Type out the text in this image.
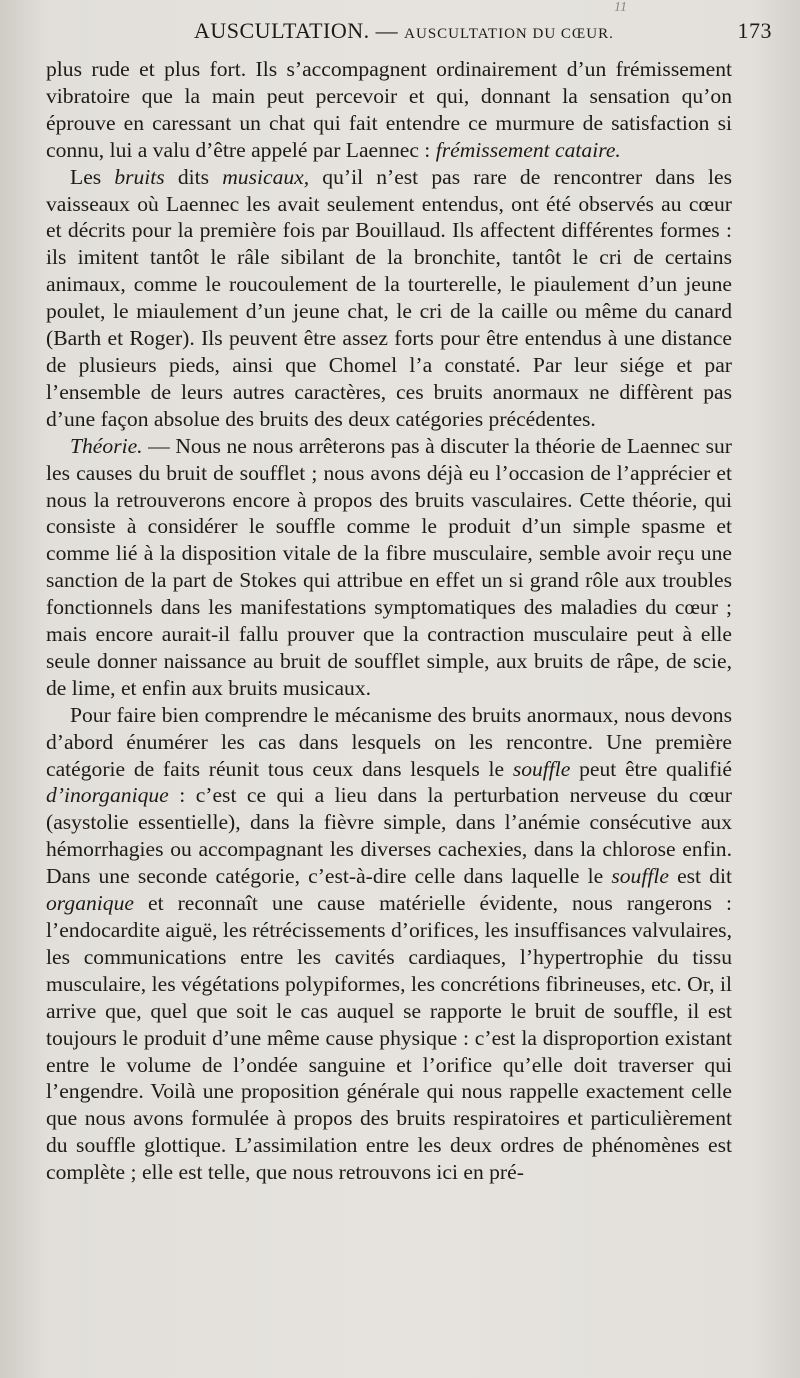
11
AUSCULTATION. — AUSCULTATION DU CŒUR.	173

plus rude et plus fort. Ils s’accompagnent ordinairement d’un frémissement vibratoire que la main peut percevoir et qui, donnant la sensation qu’on éprouve en caressant un chat qui fait entendre ce murmure de satisfaction si connu, lui a valu d’être appelé par Laennec : frémissement cataire.

Les bruits dits musicaux, qu’il n’est pas rare de rencontrer dans les vaisseaux où Laennec les avait seulement entendus, ont été observés au cœur et décrits pour la première fois par Bouillaud. Ils affectent différentes formes : ils imitent tantôt le râle sibilant de la bronchite, tantôt le cri de certains animaux, comme le roucoulement de la tourterelle, le piaulement d’un jeune poulet, le miaulement d’un jeune chat, le cri de la caille ou même du canard (Barth et Roger). Ils peuvent être assez forts pour être entendus à une distance de plusieurs pieds, ainsi que Chomel l’a constaté. Par leur siége et par l’ensemble de leurs autres caractères, ces bruits anormaux ne diffèrent pas d’une façon absolue des bruits des deux catégories précédentes.

Théorie. — Nous ne nous arrêterons pas à discuter la théorie de Laennec sur les causes du bruit de soufflet ; nous avons déjà eu l’occasion de l’apprécier et nous la retrouverons encore à propos des bruits vasculaires. Cette théorie, qui consiste à considérer le souffle comme le produit d’un simple spasme et comme lié à la disposition vitale de la fibre musculaire, semble avoir reçu une sanction de la part de Stokes qui attribue en effet un si grand rôle aux troubles fonctionnels dans les manifestations symptomatiques des maladies du cœur ; mais encore aurait-il fallu prouver que la contraction musculaire peut à elle seule donner naissance au bruit de soufflet simple, aux bruits de râpe, de scie, de lime, et enfin aux bruits musicaux.

Pour faire bien comprendre le mécanisme des bruits anormaux, nous devons d’abord énumérer les cas dans lesquels on les rencontre. Une première catégorie de faits réunit tous ceux dans lesquels le souffle peut être qualifié d’inorganique : c’est ce qui a lieu dans la perturbation nerveuse du cœur (asystolie essentielle), dans la fièvre simple, dans l’anémie consécutive aux hémorrhagies ou accompagnant les diverses cachexies, dans la chlorose enfin. Dans une seconde catégorie, c’est-à-dire celle dans laquelle le souffle est dit organique et reconnaît une cause matérielle évidente, nous rangerons : l’endocardite aiguë, les rétrécissements d’orifices, les insuffisances valvulaires, les communications entre les cavités cardiaques, l’hypertrophie du tissu musculaire, les végétations polypiformes, les concrétions fibrineuses, etc. Or, il arrive que, quel que soit le cas auquel se rapporte le bruit de souffle, il est toujours le produit d’une même cause physique : c’est la disproportion existant entre le volume de l’ondée sanguine et l’orifice qu’elle doit traverser qui l’engendre. Voilà une proposition générale qui nous rappelle exactement celle que nous avons formulée à propos des bruits respiratoires et particulièrement du souffle glottique. L’assimilation entre les deux ordres de phénomènes est complète ; elle est telle, que nous retrouvons ici en pré-
